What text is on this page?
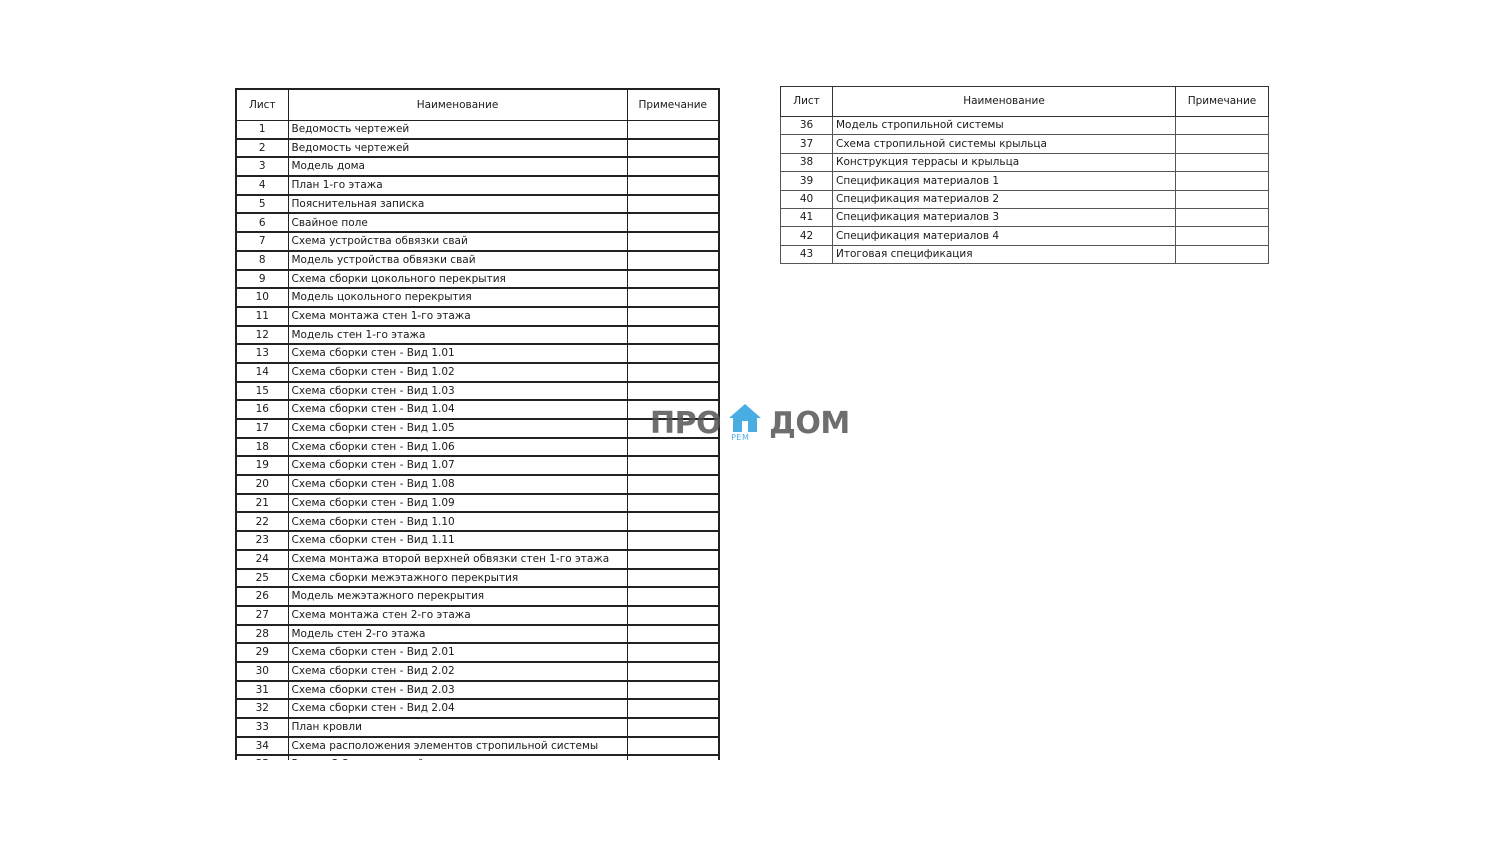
Лист	Наименование	Примечание
1	Ведомость чертежей	
2	Ведомость чертежей	
3	Модель дома	
4	План 1-го этажа	
5	Пояснительная записка	
6	Свайное поле	
7	Схема устройства обвязки свай	
8	Модель устройства обвязки свай	
9	Схема сборки цокольного перекрытия	
10	Модель цокольного перекрытия	
11	Схема монтажа стен 1-го этажа	
12	Модель стен 1-го этажа	
13	Схема сборки стен - Вид 1.01	
14	Схема сборки стен - Вид 1.02	
15	Схема сборки стен - Вид 1.03	
16	Схема сборки стен - Вид 1.04	
17	Схема сборки стен - Вид 1.05	
18	Схема сборки стен - Вид 1.06	
19	Схема сборки стен - Вид 1.07	
20	Схема сборки стен - Вид 1.08	
21	Схема сборки стен - Вид 1.09	
22	Схема сборки стен - Вид 1.10	
23	Схема сборки стен - Вид 1.11	
24	Схема монтажа второй верхней обвязки стен 1-го этажа	
25	Схема сборки межэтажного перекрытия	
26	Модель межэтажного перекрытия	
27	Схема монтажа стен 2-го этажа	
28	Модель стен 2-го этажа	
29	Схема сборки стен - Вид 2.01	
30	Схема сборки стен - Вид 2.02	
31	Схема сборки стен - Вид 2.03	
32	Схема сборки стен - Вид 2.04	
33	План кровли	
34	Схема расположения элементов стропильной системы	

Лист	Наименование	Примечание
36	Модель стропильной системы	
37	Схема стропильной системы крыльца	
38	Конструкция террасы и крыльца	
39	Спецификация материалов 1	
40	Спецификация материалов 2	
41	Спецификация материалов 3	
42	Спецификация материалов 4	
43	Итоговая спецификация	
ПРО РЕМ ДОМ
